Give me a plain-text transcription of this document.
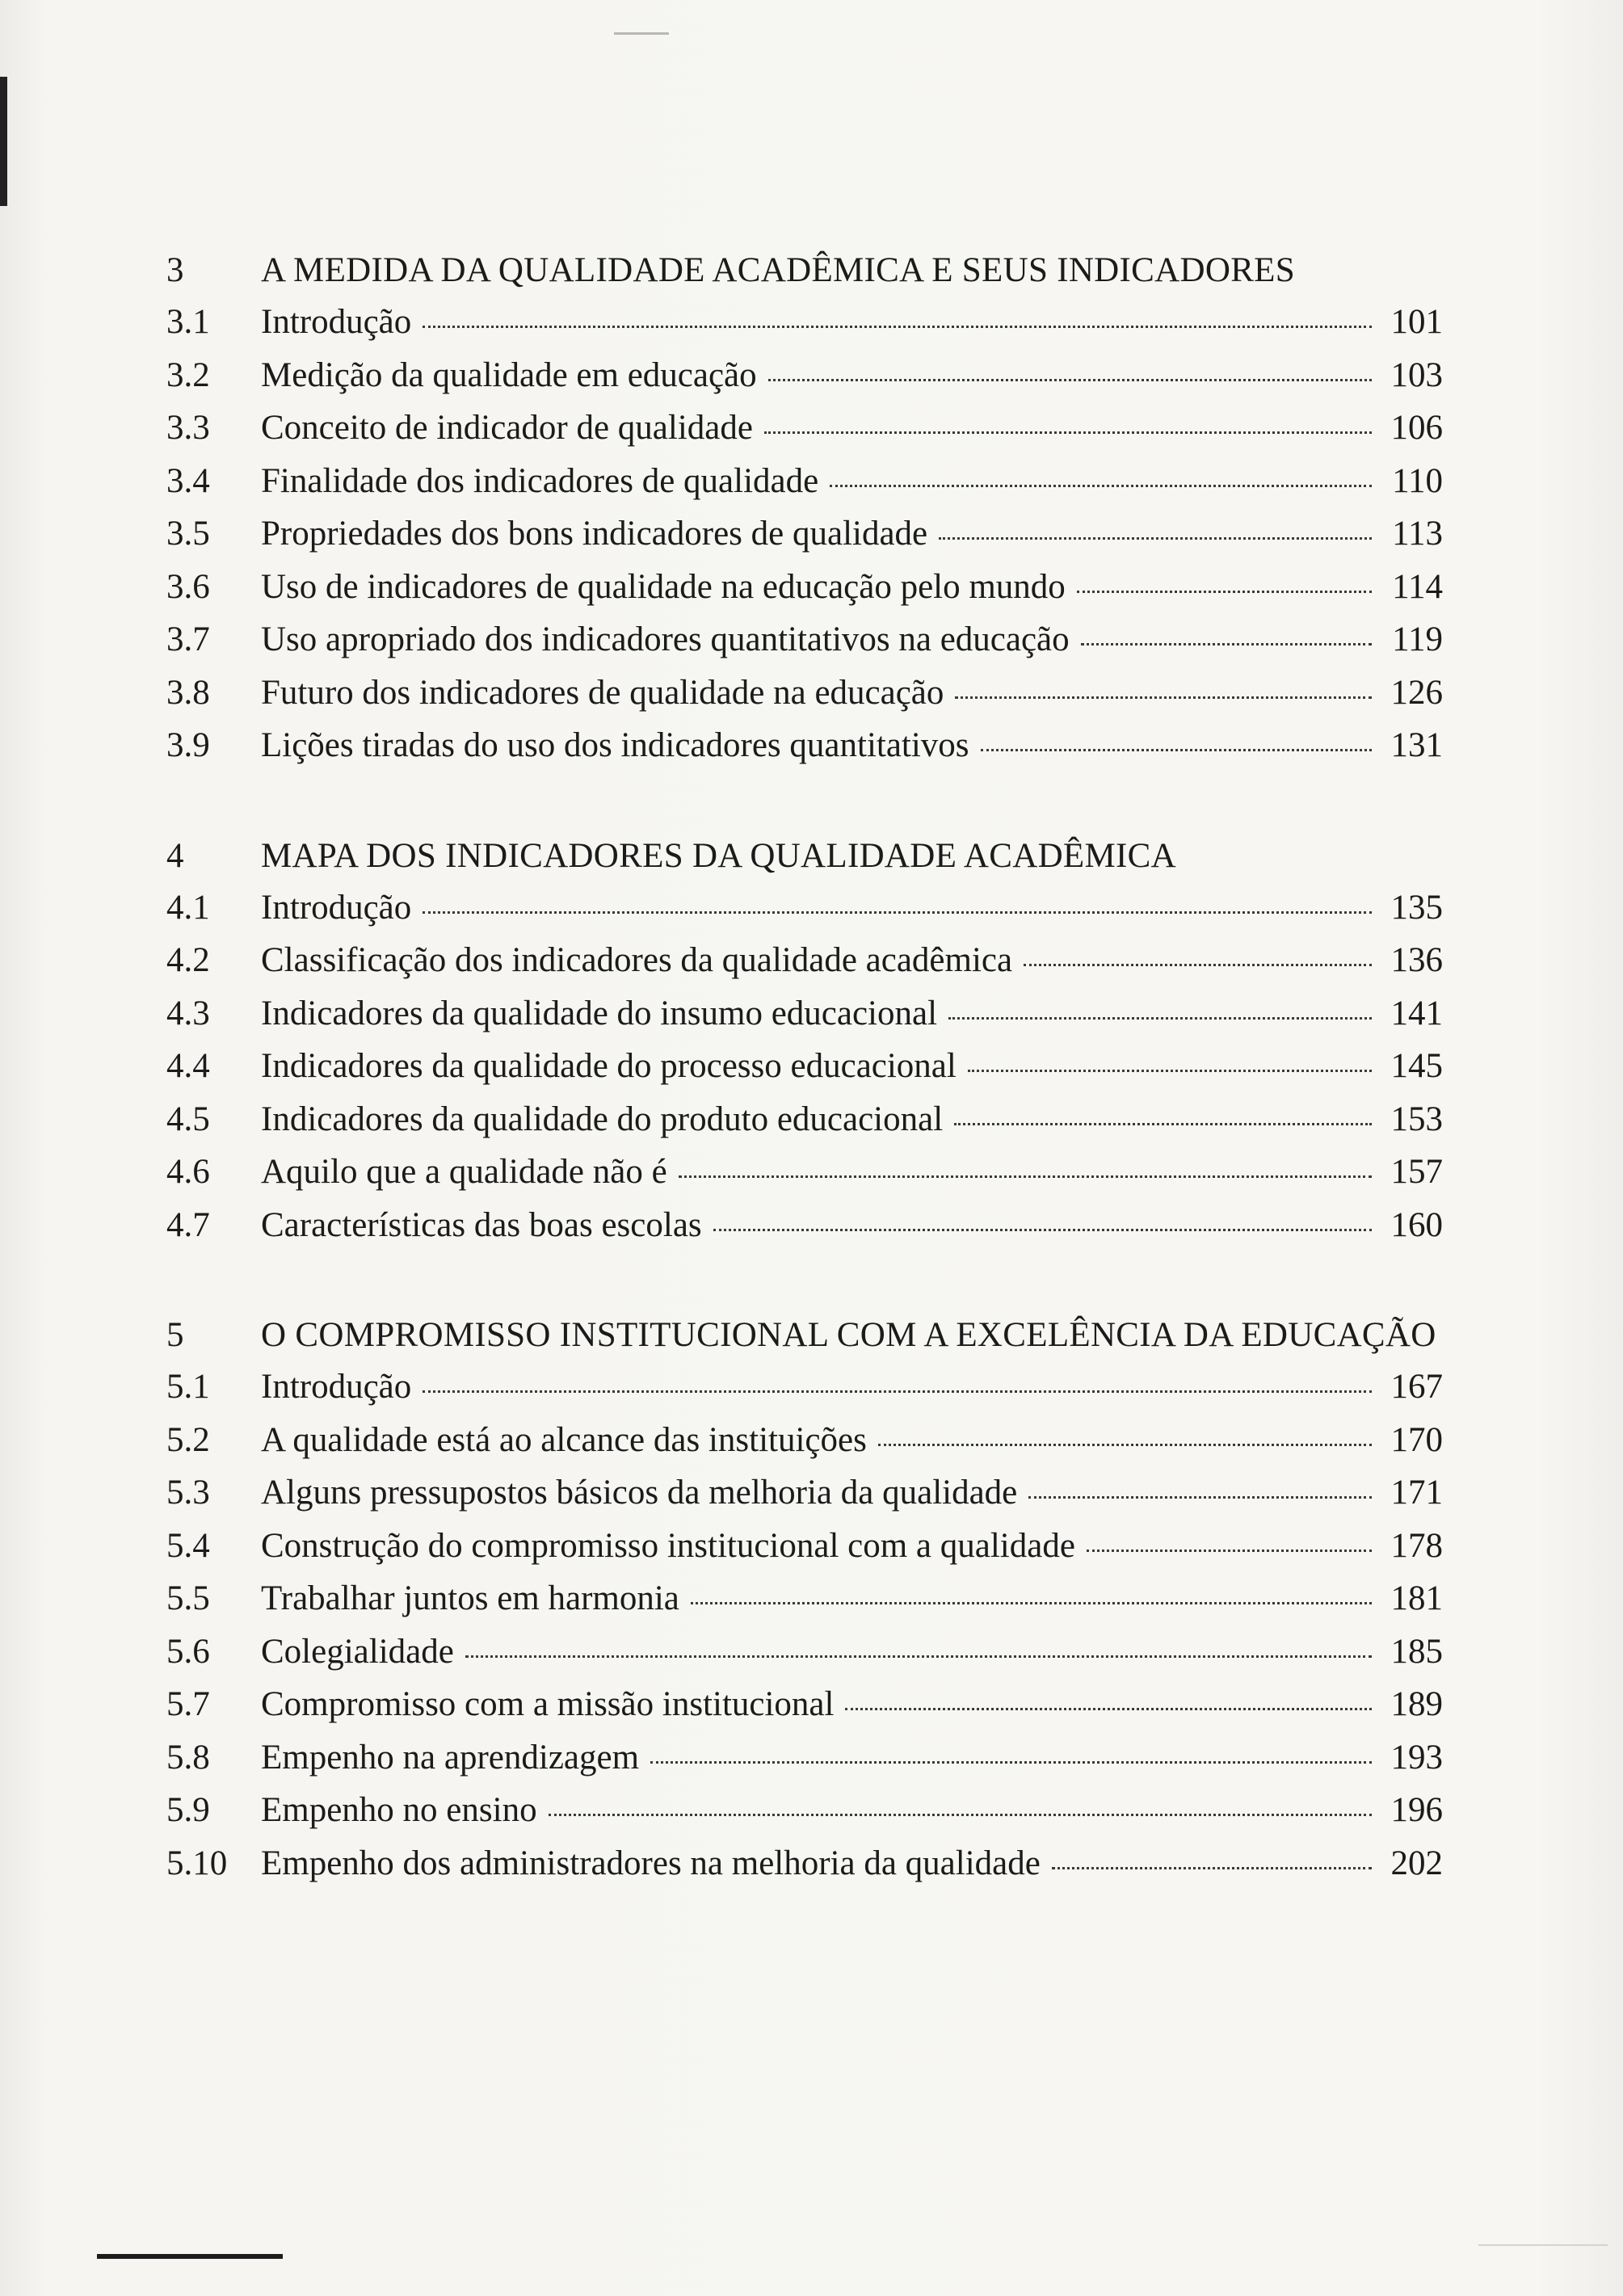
3	A MEDIDA DA QUALIDADE ACADÊMICA E SEUS INDICADORES
3.1	Introdução	101
3.2	Medição da qualidade em educação	103
3.3	Conceito de indicador de qualidade	106
3.4	Finalidade dos indicadores de qualidade	110
3.5	Propriedades dos bons indicadores de qualidade	113
3.6	Uso de indicadores de qualidade na educação pelo mundo	114
3.7	Uso apropriado dos indicadores quantitativos na educação	119
3.8	Futuro dos indicadores de qualidade na educação	126
3.9	Lições tiradas do uso dos indicadores quantitativos	131
4	MAPA DOS INDICADORES DA QUALIDADE ACADÊMICA
4.1	Introdução	135
4.2	Classificação dos indicadores da qualidade acadêmica	136
4.3	Indicadores da qualidade do insumo educacional	141
4.4	Indicadores da qualidade do processo educacional	145
4.5	Indicadores da qualidade do produto educacional	153
4.6	Aquilo que a qualidade não é	157
4.7	Características das boas escolas	160
5	O COMPROMISSO INSTITUCIONAL COM A EXCELÊNCIA DA EDUCAÇÃO
5.1	Introdução	167
5.2	A qualidade está ao alcance das instituições	170
5.3	Alguns pressupostos básicos da melhoria da qualidade	171
5.4	Construção do compromisso institucional com a qualidade	178
5.5	Trabalhar juntos em harmonia	181
5.6	Colegialidade	185
5.7	Compromisso com a missão institucional	189
5.8	Empenho na aprendizagem	193
5.9	Empenho no ensino	196
5.10 Empenho dos administradores na melhoria da qualidade	202
